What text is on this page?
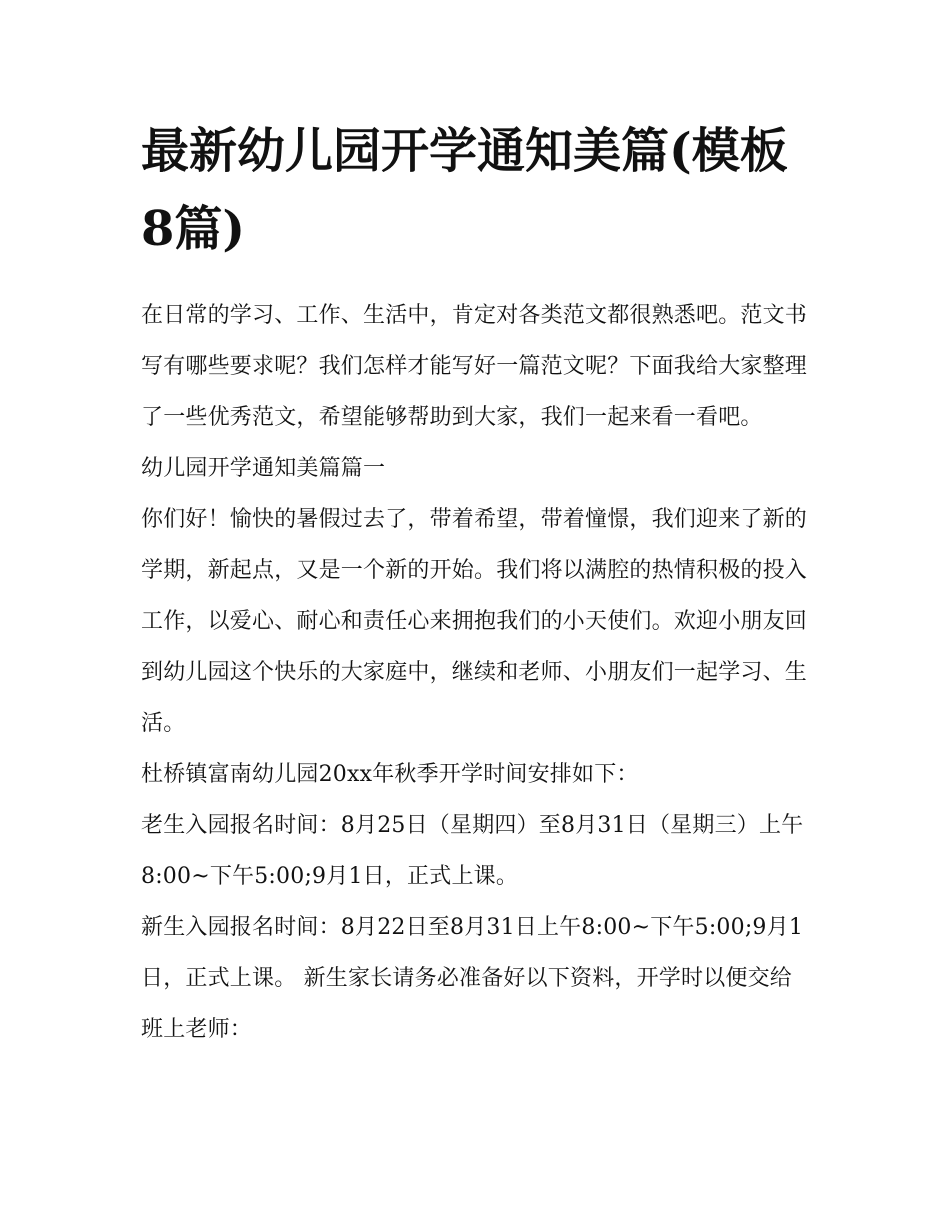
最新幼儿园开学通知美篇(模板8篇)

在日常的学习、工作、生活中，肯定对各类范文都很熟悉吧。范文书写有哪些要求呢？我们怎样才能写好一篇范文呢？下面我给大家整理了一些优秀范文，希望能够帮助到大家，我们一起来看一看吧。

幼儿园开学通知美篇篇一

你们好！愉快的暑假过去了，带着希望，带着憧憬，我们迎来了新的学期，新起点，又是一个新的开始。我们将以满腔的热情积极的投入工作，以爱心、耐心和责任心来拥抱我们的小天使们。欢迎小朋友回到幼儿园这个快乐的大家庭中，继续和老师、小朋友们一起学习、生活。

杜桥镇富南幼儿园20xx年秋季开学时间安排如下：

老生入园报名时间：8月25日（星期四）至8月31日（星期三）上午8:00~下午5:00;9月1日，正式上课。

新生入园报名时间：8月22日至8月31日上午8:00~下午5:00;9月1日，正式上课。 新生家长请务必准备好以下资料，开学时以便交给班上老师：
